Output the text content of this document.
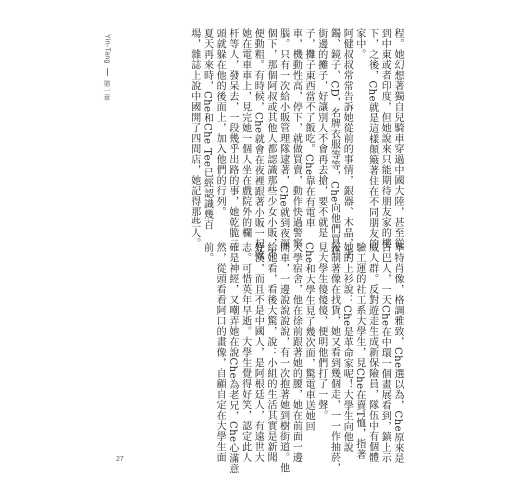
Yin-Tang
第一章	程。她幻想著獨自兒騎車穿過中國大陸，甚至從
到中東或者印度，但她說來只能期待朋友家的樓
下，之後，Che就是這樣顛簸著住在不同朋友的
家中。
阿健叔叔常常告訴她從前的事情，銀器、木晶，手
鐲、鏡子、CD，名牌衣服等等，Che向他們買在
街邊的攤子，好讓別人不會再去搶，要不就是
子，攤子東西當不了飯吃。Che靠在有電車
車，機動性高，停下，就做買賣，動作快過警察
腦。只有一次給小販管理隊逮著，Che就到夜深
個下，那個阿叔或其他人都認識那些少女小販，不
便動粗。有時候，Che就會在夜裡跟著小販一起收
她在電車車上，見完她一個人坐在戲院外的欄
杆等人，發呆去，一段幾乎出路的事，她乾脆二
頭就躲在他的後面上，加入他們的行列。
夏天再來時，Che和Che Tee已經認識幾百
場，雜誌上說中國開了四間店，她記得那些人。
華特肖像，格調雅致，Che選以為，Che原來是
古巴人，一天Che在中環一個畫展看到，鎮上示
威人群。反對遊走生成新保險員，隊伍中有個體
驗工運的社工系大學生，見Che在賣T恤，指著
她的上衫說：Che是革命家呢！大學生向他說
接制著像在找貨，她又看到幾個走，一一作抽菸，
見大學生傻傻傻，便明他們打了一聲。
Che和大學生見了幾次面，驚電車送她回
大學宿舍，他在徐前跟著她的腰，她在前面一邊
開車，一邊說說說說，有一次抱著她到樹街道。他
給她看，看後大驚，說：小組的生活其實是新聞
好漢，而且不是中國人，是阿根廷人，有遠世大
志。可惜英年早逝。大學生覺得好笑，認定此人
確是神經，又嘲弄她在說Che為老兄，Che心滿意
然，從頭看看阿口的畫像，自顧自定在大學生面
前。
27
